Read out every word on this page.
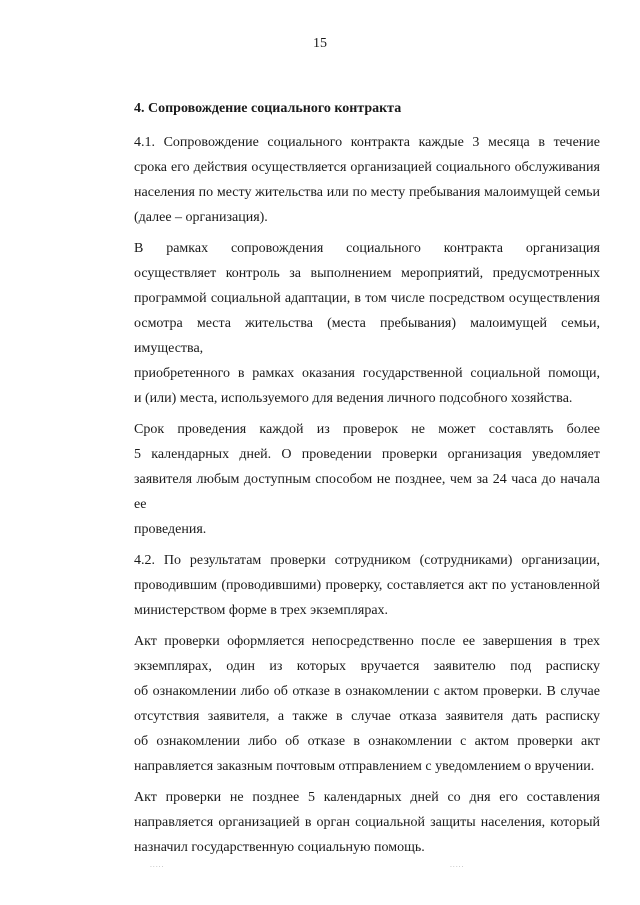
15
4. Сопровождение социального контракта
4.1. Сопровождение социального контракта каждые 3 месяца в течение
срока его действия осуществляется организацией социального обслуживания
населения по месту жительства или по месту пребывания малоимущей семьи
(далее – организация).
В рамках сопровождения социального контракта организация
осуществляет контроль за выполнением мероприятий, предусмотренных
программой социальной адаптации, в том числе посредством осуществления
осмотра места жительства (места пребывания) малоимущей семьи, имущества,
приобретенного в рамках оказания государственной социальной помощи,
и (или) места, используемого для ведения личного подсобного хозяйства.
Срок проведения каждой из проверок не может составлять более
5 календарных дней. О проведении проверки организация уведомляет
заявителя любым доступным способом не позднее, чем за 24 часа до начала ее
проведения.
4.2. По результатам проверки сотрудником (сотрудниками) организации,
проводившим (проводившими) проверку, составляется акт по установленной
министерством форме в трех экземплярах.
Акт проверки оформляется непосредственно после ее завершения в трех
экземплярах, один из которых вручается заявителю под расписку
об ознакомлении либо об отказе в ознакомлении с актом проверки. В случае
отсутствия заявителя, а также в случае отказа заявителя дать расписку
об ознакомлении либо об отказе в ознакомлении с актом проверки акт
направляется заказным почтовым отправлением с уведомлением о вручении.
Акт проверки не позднее 5 календарных дней со дня его составления
направляется организацией в орган социальной защиты населения, который
назначил государственную социальную помощь.
.....	.....
